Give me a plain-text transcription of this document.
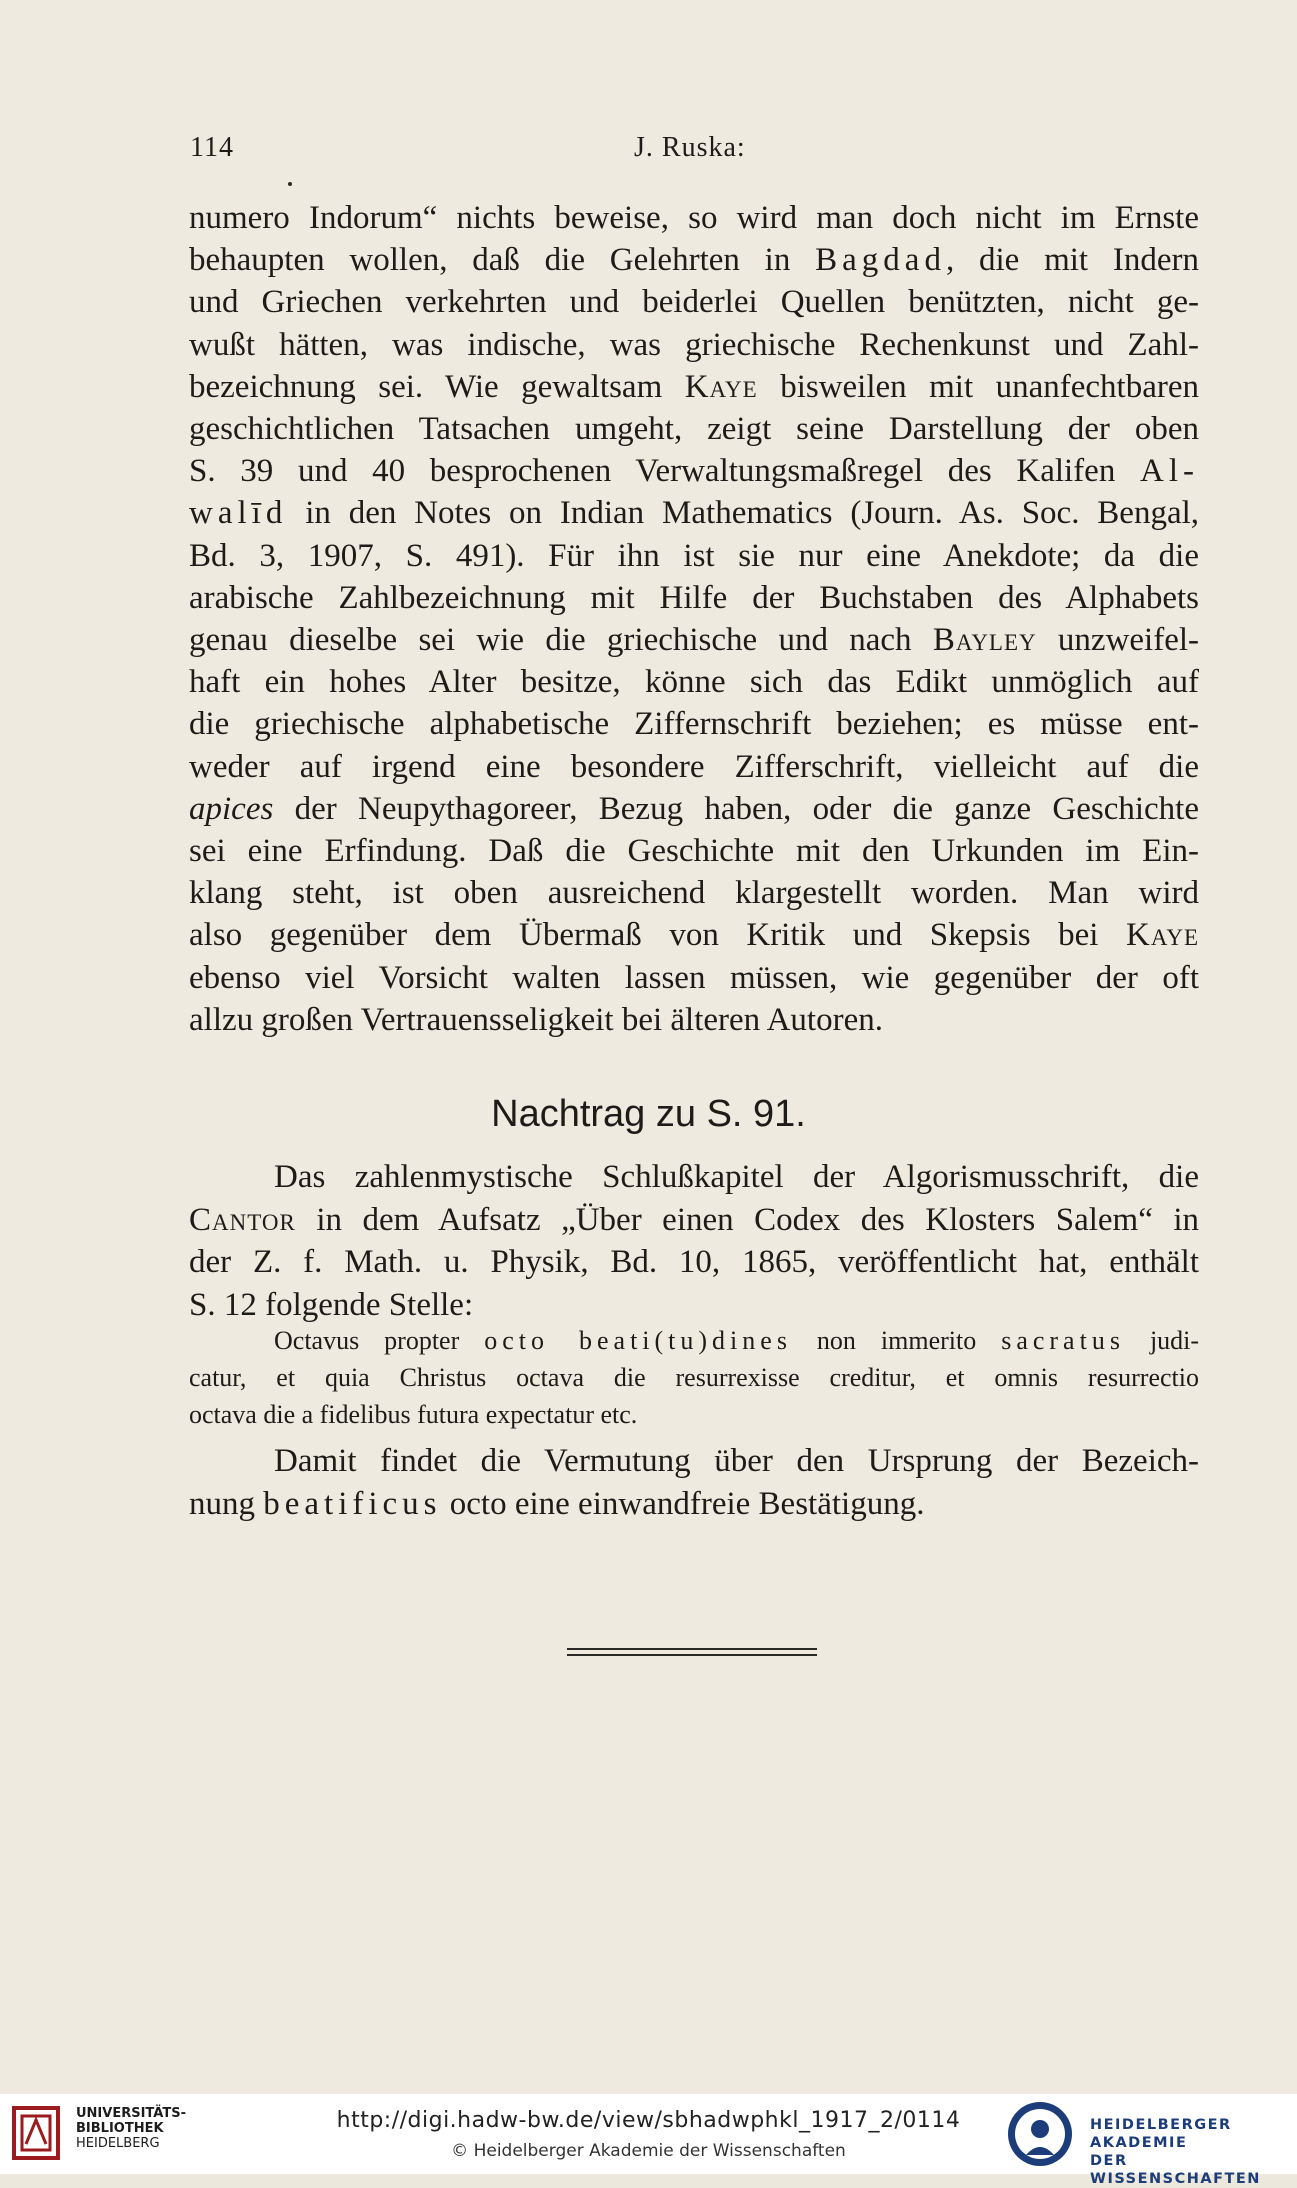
114	J. Ruska:
numero Indorum“ nichts beweise, so wird man doch nicht im Ernste
behaupten wollen, daß die Gelehrten in Bagdad, die mit Indern
und Griechen verkehrten und beiderlei Quellen benützten, nicht ge-
wußt hätten, was indische, was griechische Rechenkunst und Zahl-
bezeichnung sei. Wie gewaltsam Kaye bisweilen mit unanfechtbaren
geschichtlichen Tatsachen umgeht, zeigt seine Darstellung der oben
S. 39 und 40 besprochenen Verwaltungsmaßregel des Kalifen Al-
walīd in den Notes on Indian Mathematics (Journ. As. Soc. Bengal,
Bd. 3, 1907, S. 491). Für ihn ist sie nur eine Anekdote; da die
arabische Zahlbezeichnung mit Hilfe der Buchstaben des Alphabets
genau dieselbe sei wie die griechische und nach Bayley unzweifel-
haft ein hohes Alter besitze, könne sich das Edikt unmöglich auf
die griechische alphabetische Ziffernschrift beziehen; es müsse ent-
weder auf irgend eine besondere Zifferschrift, vielleicht auf die
apices der Neupythagoreer, Bezug haben, oder die ganze Geschichte
sei eine Erfindung. Daß die Geschichte mit den Urkunden im Ein-
klang steht, ist oben ausreichend klargestellt worden. Man wird
also gegenüber dem Übermaß von Kritik und Skepsis bei Kaye
ebenso viel Vorsicht walten lassen müssen, wie gegenüber der oft
allzu großen Vertrauensseligkeit bei älteren Autoren.
Nachtrag zu S. 91.
Das zahlenmystische Schlußkapitel der Algorismusschrift, die
Cantor in dem Aufsatz „Über einen Codex des Klosters Salem“ in
der Z. f. Math. u. Physik, Bd. 10, 1865, veröffentlicht hat, enthält
S. 12 folgende Stelle:
Octavus propter octo beati(tu)dines non immerito sacratus judi-
catur, et quia Christus octava die resurrexisse creditur, et omnis resurrectio
octava die a fidelibus futura expectatur etc.
Damit findet die Vermutung über den Ursprung der Bezeich-
nung beatificus octo eine einwandfreie Bestätigung.
UNIVERSITÄTS-
BIBLIOTHEK
HEIDELBERG
http://digi.hadw-bw.de/view/sbhadwphkl_1917_2/0114
© Heidelberger Akademie der Wissenschaften
HEIDELBERGER AKADEMIE
DER WISSENSCHAFTEN
